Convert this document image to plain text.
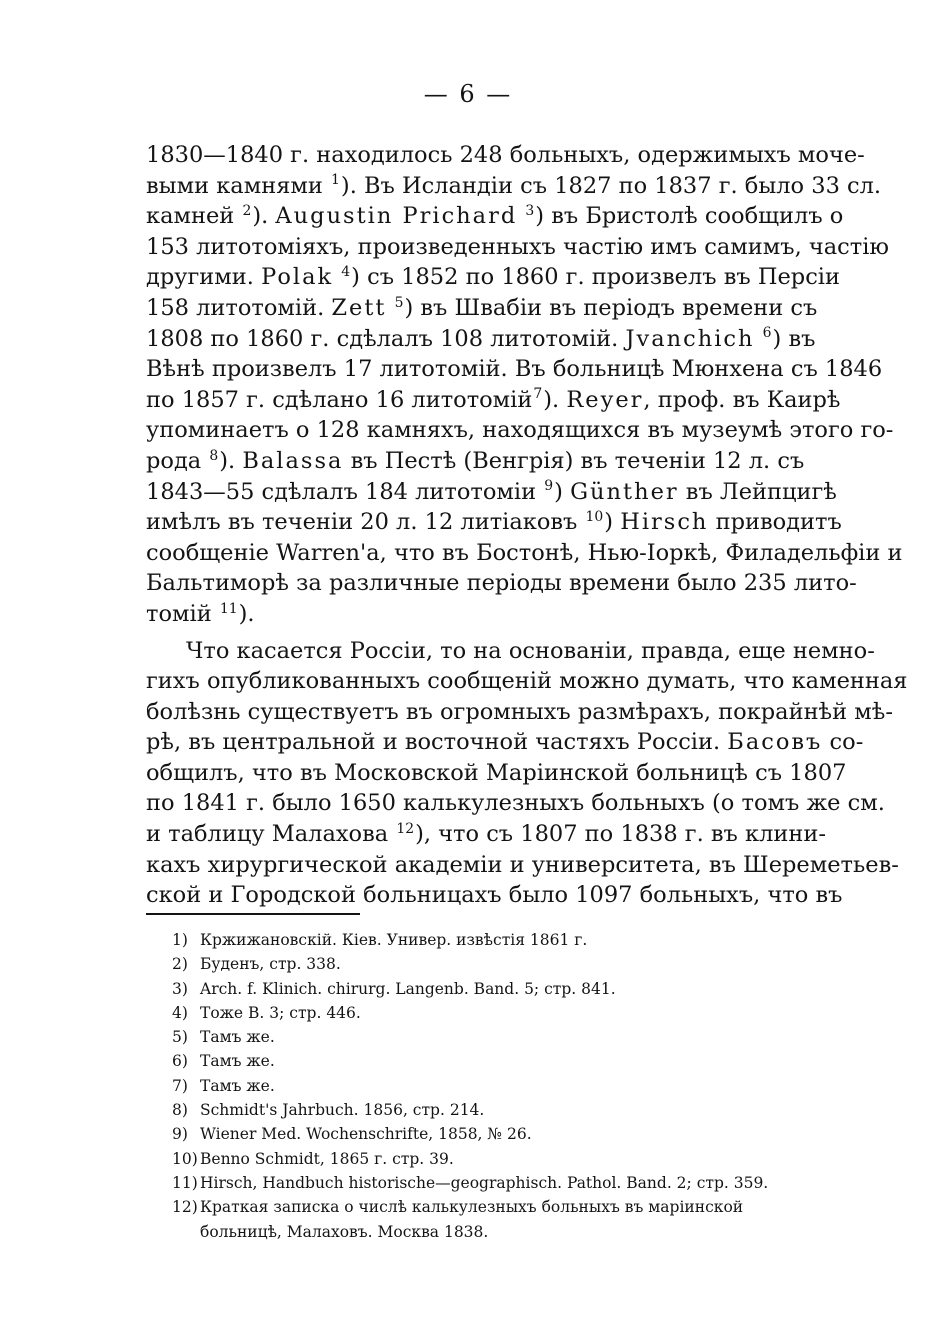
— 6 —
1830—1840 г. находилось 248 больныхъ, одержимыхъ моче-
выми камнями $^1$). Въ Исландіи съ 1827 по 1837 г. было 33 сл.
камней $^2$). Augustin Prichard $^3$) въ Бристолѣ сообщилъ о
153 литотоміяхъ, произведенныхъ частію имъ самимъ, частію
другими. Polak $^4$) съ 1852 по 1860 г. произвелъ въ Персіи
158 литотомій. Zett $^5$) въ Швабіи въ періодъ времени съ
1808 по 1860 г. сдѣлалъ 108 литотомій. Jvanchich $^6$) въ
Вѣнѣ произвелъ 17 литотомій. Въ больницѣ Мюнхена съ 1846
по 1857 г. сдѣлано 16 литотомій$^7$). Reyer, проф. въ Каирѣ
упоминаетъ о 128 камняхъ, находящихся въ музеумѣ этого го-
рода $^8$). Balassa въ Пестѣ (Венгрія) въ теченіи 12 л. съ
1843—55 сдѣлалъ 184 литотоміи $^9$) Günther въ Лейпцигѣ
имѣлъ въ теченіи 20 л. 12 литіаковъ $^{10}$) Hirsch приводитъ
сообщеніе Warren'a, что въ Бостонѣ, Нью-Іоркѣ, Филадельфіи и
Бальтиморѣ за различные періоды времени было 235 лито-
томій $^{11}$).
Что касается Россіи, то на основаніи, правда, еще немно-
гихъ опубликованныхъ сообщеній можно думать, что каменная
болѣзнь существуетъ въ огромныхъ размѣрахъ, покрайнѣй мѣ-
рѣ, въ центральной и восточной частяхъ Россіи. Басовъ со-
общилъ, что въ Московской Маріинской больницѣ съ 1807
по 1841 г. было 1650 калькулезныхъ больныхъ (о томъ же см.
и таблицу Малахова $^{12}$), что съ 1807 по 1838 г. въ клини-
кахъ хирургической академіи и университета, въ Шереметьев-
ской и Городской больницахъ было 1097 больныхъ, что въ
1) Кржижановскій. Кіев. Универ. извѣстія 1861 г.
2) Буденъ, стр. 338.
3) Arch. f. Klinich. chirurg. Langenb. Band. 5; стр. 841.
4) Тоже B. 3; стр. 446.
5) Тамъ же.
6) Тамъ же.
7) Тамъ же.
8) Schmidt's Jahrbuch. 1856, стр. 214.
9) Wiener Med. Wochenschrifte, 1858, № 26.
10) Benno Schmidt, 1865 г. стр. 39.
11) Hirsch, Handbuch historische—geographisch. Pathol. Band. 2; стр. 359.
12) Краткая записка о числѣ калькулезныхъ больныхъ въ маріинской больницѣ, Малаховъ. Москва 1838.
